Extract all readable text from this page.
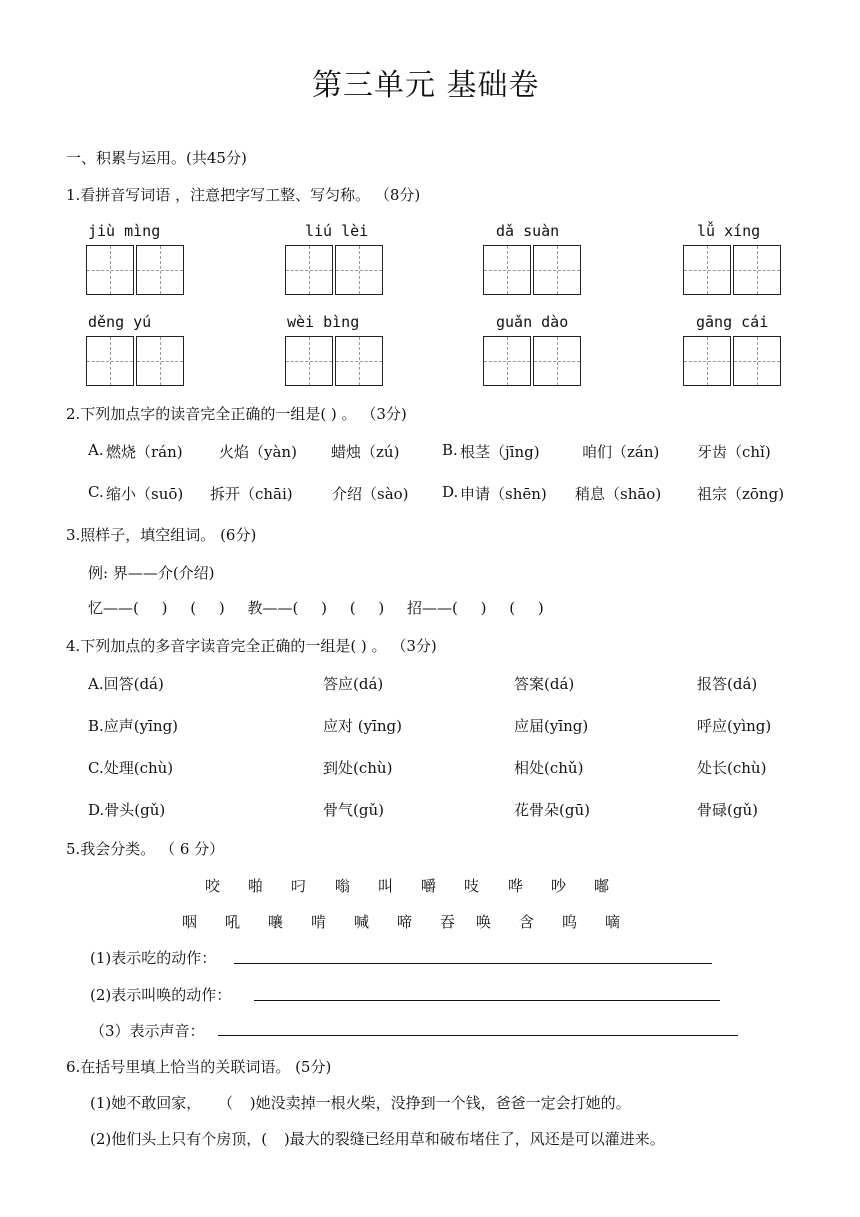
第三单元 基础卷
一、积累与运用。(共45分)
1.看拼音写词语 ，注意把字写工整、写匀称。 （8分)
jiù mìng	liú lèi	dǎ suàn	lǚ xíng
děng yú	wèi bìng	guǎn dào	gāng cái
2.下列加点字的读音完全正确的一组是( ) 。 （3分)
A. 燃烧（rán) 火焰（yàn) 蜡烛（zú)	B. 根茎（jīng)	咱们（zán)	牙齿（chǐ)
C. 缩小（suō) 拆开（chāi)	介绍（sào) D. 申请（shēn) 稍息（shāo) 祖宗（zōng)
3.照样子，填空组词。 (6分)
例: 界——介(介绍)
忆——( ) ( ) 教——( ) ( ) 招——( ) ( )
4.下列加点的多音字读音完全正确的一组是( ) 。 （3分)
A.回答(dá)	答应(dá)	答案(dá)	报答(dá)
B.应声(yīng)	应对 (yīng)	应届(yīng)	呼应(yìng)
C.处理(chù)	到处(chù)	相处(chǔ)	处长(chù)
D.骨头(gǔ)	骨气(gǔ)	花骨朵(gū)	骨碌(gǔ)
5.我会分类。 （ 6 分）
咬 啪 叼 嗡 叫 嚼 吱 哗 吵 嘟
咽 吼 嚷 啃 喊 啼 吞 唤 含 呜 嘀
(1)表示吃的动作：
(2)表示叫唤的动作：
（3）表示声音：
6.在括号里填上恰当的关联词语。 (5分)
(1)她不敢回家， （ )她没卖掉一根火柴，没挣到一个钱，爸爸一定会打她的。
(2)他们头上只有个房顶，( )最大的裂缝已经用草和破布堵住了，风还是可以灌进来。
